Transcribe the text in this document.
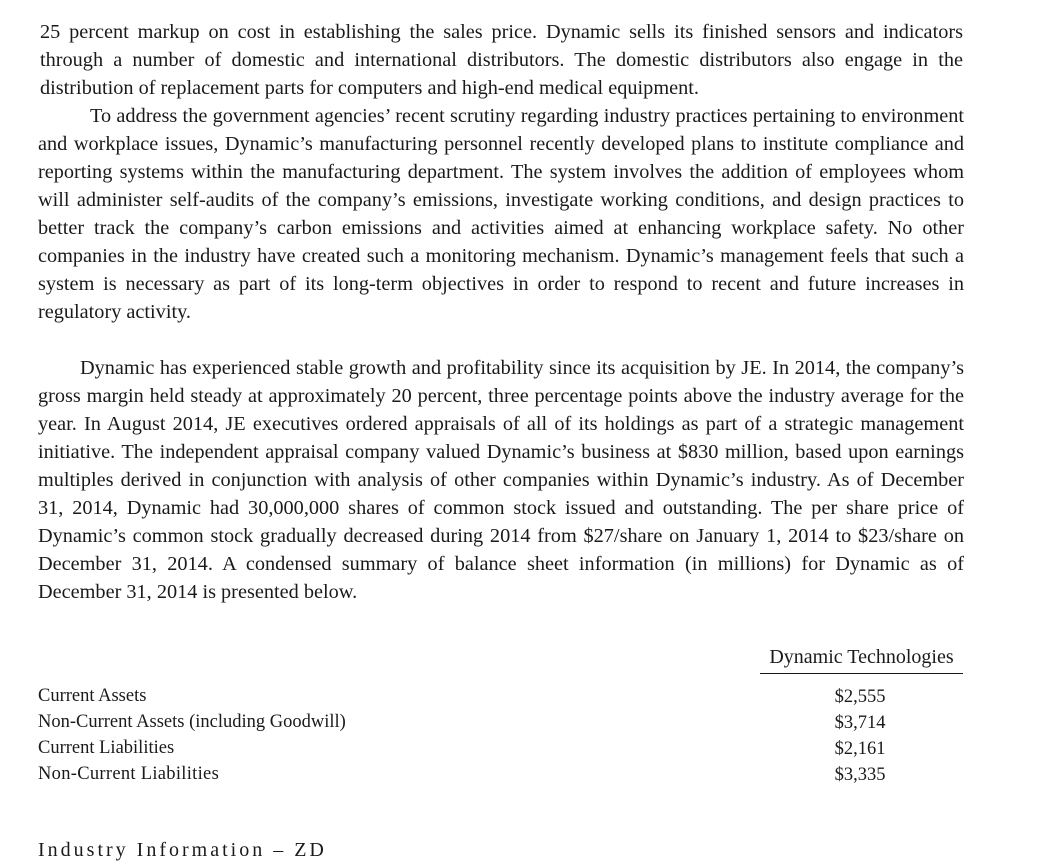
25 percent markup on cost in establishing the sales price. Dynamic sells its finished sensors and indicators through a number of domestic and international distributors. The domestic distributors also engage in the distribution of replacement parts for computers and high-end medical equipment.

To address the government agencies’ recent scrutiny regarding industry practices pertaining to environment and workplace issues, Dynamic’s manufacturing personnel recently developed plans to institute compliance and reporting systems within the manufacturing department. The system involves the addition of employees whom will administer self-audits of the company’s emissions, investigate working conditions, and design practices to better track the company’s carbon emissions and activities aimed at enhancing workplace safety. No other companies in the industry have created such a monitoring mechanism. Dynamic’s management feels that such a system is necessary as part of its long-term objectives in order to respond to recent and future increases in regulatory activity.

Dynamic has experienced stable growth and profitability since its acquisition by JE. In 2014, the company’s gross margin held steady at approximately 20 percent, three percentage points above the industry average for the year. In August 2014, JE executives ordered appraisals of all of its holdings as part of a strategic management initiative. The independent appraisal company valued Dynamic’s business at $830 million, based upon earnings multiples derived in conjunction with analysis of other companies within Dynamic’s industry. As of December 31, 2014, Dynamic had 30,000,000 shares of common stock issued and outstanding. The per share price of Dynamic’s common stock gradually decreased during 2014 from $27/share on January 1, 2014 to $23/share on December 31, 2014. A condensed summary of balance sheet information (in millions) for Dynamic as of December 31, 2014 is presented below.

Dynamic Technologies
Current Assets	$2,555
Non-Current Assets (including Goodwill)	$3,714
Current Liabilities	$2,161
Non-Current Liabilities	$3,335
Industry Information – ZD
